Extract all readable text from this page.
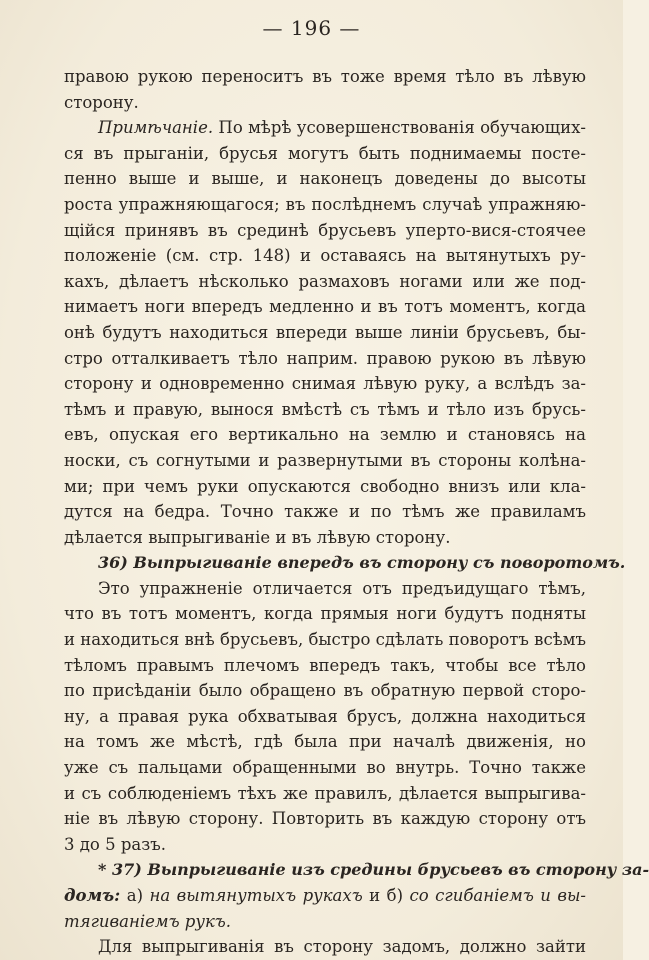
— 196 —
правою рукою переноситъ въ тоже время тѣло въ лѣвую
сторону.
Примѣчаніе. По мѣрѣ усовершенствованія обучающих-
ся въ прыганіи, брусья могутъ быть поднимаемы посте-
пенно выше и выше, и наконецъ доведены до высоты
роста упражняющагося; въ послѣднемъ случаѣ упражняю-
щійся принявъ въ срединѣ брусьевъ уперто-вися-стоячее
положеніе (см. стр. 148) и оставаясь на вытянутыхъ ру-
кахъ, дѣлаетъ нѣсколько размаховъ ногами или же под-
нимаетъ ноги впередъ медленно и въ тотъ моментъ, когда
онѣ будутъ находиться впереди выше линіи брусьевъ, бы-
стро отталкиваетъ тѣло наприм. правою рукою въ лѣвую
сторону и одновременно снимая лѣвую руку, а вслѣдъ за-
тѣмъ и правую, вынося вмѣстѣ съ тѣмъ и тѣло изъ брусь-
евъ, опуская его вертикально на землю и становясь на
носки, съ согнутыми и развернутыми въ стороны колѣна-
ми; при чемъ руки опускаются свободно внизъ или кла-
дутся на бедра. Точно также и по тѣмъ же правиламъ
дѣлается выпрыгиваніе и въ лѣвую сторону.
36) Выпрыгиваніе впередъ въ сторону съ поворотомъ.
Это упражненіе отличается отъ предъидущаго тѣмъ,
что въ тотъ моментъ, когда прямыя ноги будутъ подняты
и находиться внѣ брусьевъ, быстро сдѣлать поворотъ всѣмъ
тѣломъ правымъ плечомъ впередъ такъ, чтобы все тѣло
по присѣданіи было обращено въ обратную первой сторо-
ну, а правая рука обхватывая брусъ, должна находиться
на томъ же мѣстѣ, гдѣ была при началѣ движенія, но
уже съ пальцами обращенными во внутрь. Точно также
и съ соблюденіемъ тѣхъ же правилъ, дѣлается выпрыгива-
ніе въ лѣвую сторону. Повторить въ каждую сторону отъ
3 до 5 разъ.
* 37) Выпрыгиваніе изъ средины брусьевъ въ сторону за-
домъ: а) на вытянутыхъ рукахъ и б) со сгибаніемъ и вы-
тягиваніемъ рукъ.
Для выпрыгиванія въ сторону задомъ, должно зайти
